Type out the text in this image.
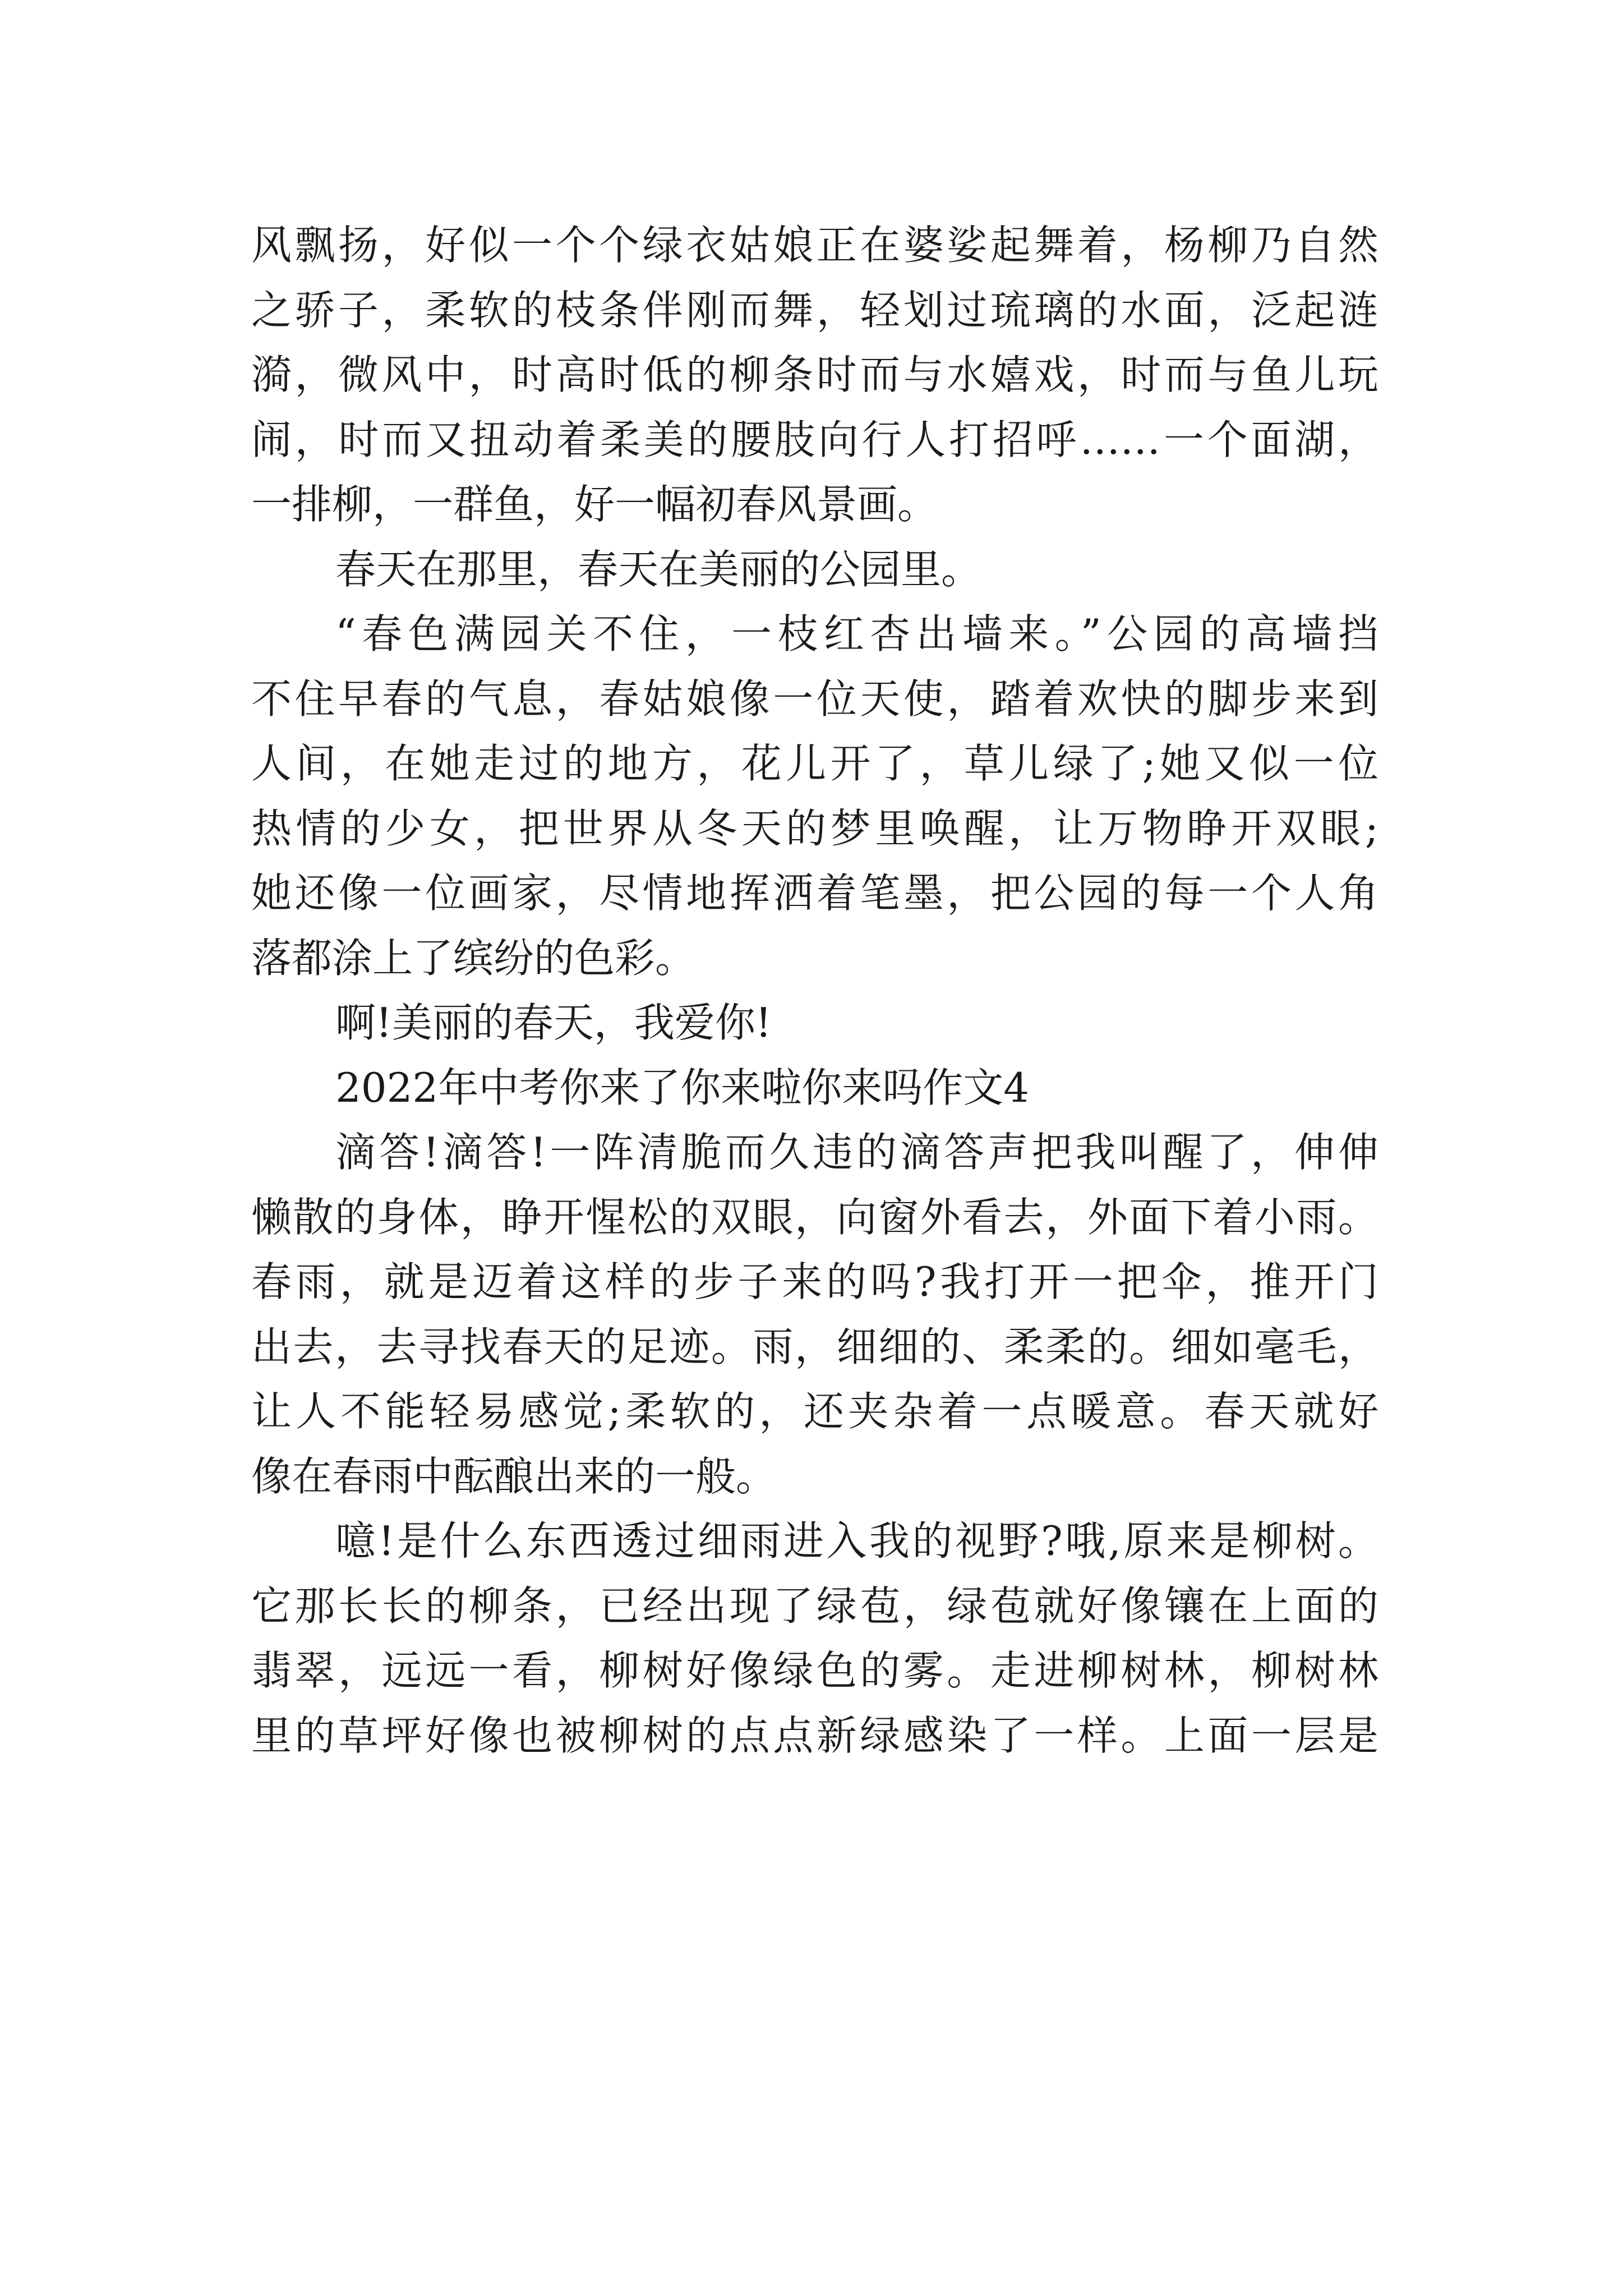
风飘扬，好似一个个绿衣姑娘正在婆娑起舞着，杨柳乃自然
之骄子，柔软的枝条伴刚而舞，轻划过琉璃的水面，泛起涟
漪，微风中，时高时低的柳条时而与水嬉戏，时而与鱼儿玩
闹，时而又扭动着柔美的腰肢向行人打招呼……一个面湖，
一排柳，一群鱼，好一幅初春风景画。
春天在那里，春天在美丽的公园里。
“春色满园关不住，一枝红杏出墙来。”公园的高墙挡
不住早春的气息，春姑娘像一位天使，踏着欢快的脚步来到
人间，在她走过的地方，花儿开了，草儿绿了;她又似一位
热情的少女，把世界从冬天的梦里唤醒，让万物睁开双眼;
她还像一位画家，尽情地挥洒着笔墨，把公园的每一个人角
落都涂上了缤纷的色彩。
啊!美丽的春天，我爱你!
2022年中考你来了你来啦你来吗作文4
滴答!滴答!一阵清脆而久违的滴答声把我叫醒了，伸伸
懒散的身体，睁开惺松的双眼，向窗外看去，外面下着小雨。
春雨，就是迈着这样的步子来的吗?我打开一把伞，推开门
出去，去寻找春天的足迹。雨，细细的、柔柔的。细如毫毛，
让人不能轻易感觉;柔软的，还夹杂着一点暖意。春天就好
像在春雨中酝酿出来的一般。
噫!是什么东西透过细雨进入我的视野?哦,原来是柳树。
它那长长的柳条，已经出现了绿苞，绿苞就好像镶在上面的
翡翠，远远一看，柳树好像绿色的雾。走进柳树林，柳树林
里的草坪好像也被柳树的点点新绿感染了一样。上面一层是
